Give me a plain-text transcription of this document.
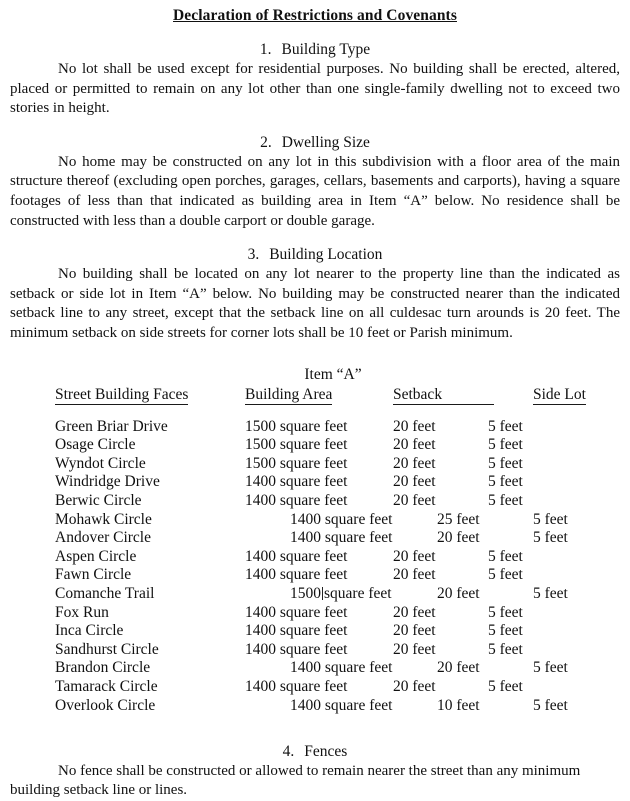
Declaration of Restrictions and Covenants
1. Building Type

No lot shall be used except for residential purposes. No building shall be erected, altered, placed or permitted to remain on any lot other than one single-family dwelling not to exceed two stories in height.

2. Dwelling Size

No home may be constructed on any lot in this subdivision with a floor area of the main structure thereof (excluding open porches, garages, cellars, basements and carports), having a square footages of less than that indicated as building area in Item “A” below. No residence shall be constructed with less than a double carport or double garage.

3. Building Location

No building shall be located on any lot nearer to the property line than the indicated as setback or side lot in Item “A” below. No building may be constructed nearer than the indicated setback line to any street, except that the setback line on all culdesac turn arounds is 20 feet. The minimum setback on side streets for corner lots shall be 10 feet or Parish minimum.

Item “A”
Street Building Faces	Building Area	Setback	Side Lot
Green Briar Drive	1500 square feet	20 feet	5 feet
Osage Circle	1500 square feet	20 feet	5 feet
Wyndot Circle	1500 square feet	20 feet	5 feet
Windridge Drive	1400 square feet	20 feet	5 feet
Berwic Circle	1400 square feet	20 feet	5 feet
Mohawk Circle	1400 square feet	25 feet	5 feet
Andover Circle	1400 square feet	20 feet	5 feet
Aspen Circle	1400 square feet	20 feet	5 feet
Fawn Circle	1400 square feet	20 feet	5 feet
Comanche Trail	1500 square feet	20 feet	5 feet
Fox Run	1400 square feet	20 feet	5 feet
Inca Circle	1400 square feet	20 feet	5 feet
Sandhurst Circle	1400 square feet	20 feet	5 feet
Brandon Circle	1400 square feet	20 feet	5 feet
Tamarack Circle	1400 square feet	20 feet	5 feet
Overlook Circle	1400 square feet	10 feet	5 feet
4. Fences

No fence shall be constructed or allowed to remain nearer the street than any minimum building setback line or lines.
